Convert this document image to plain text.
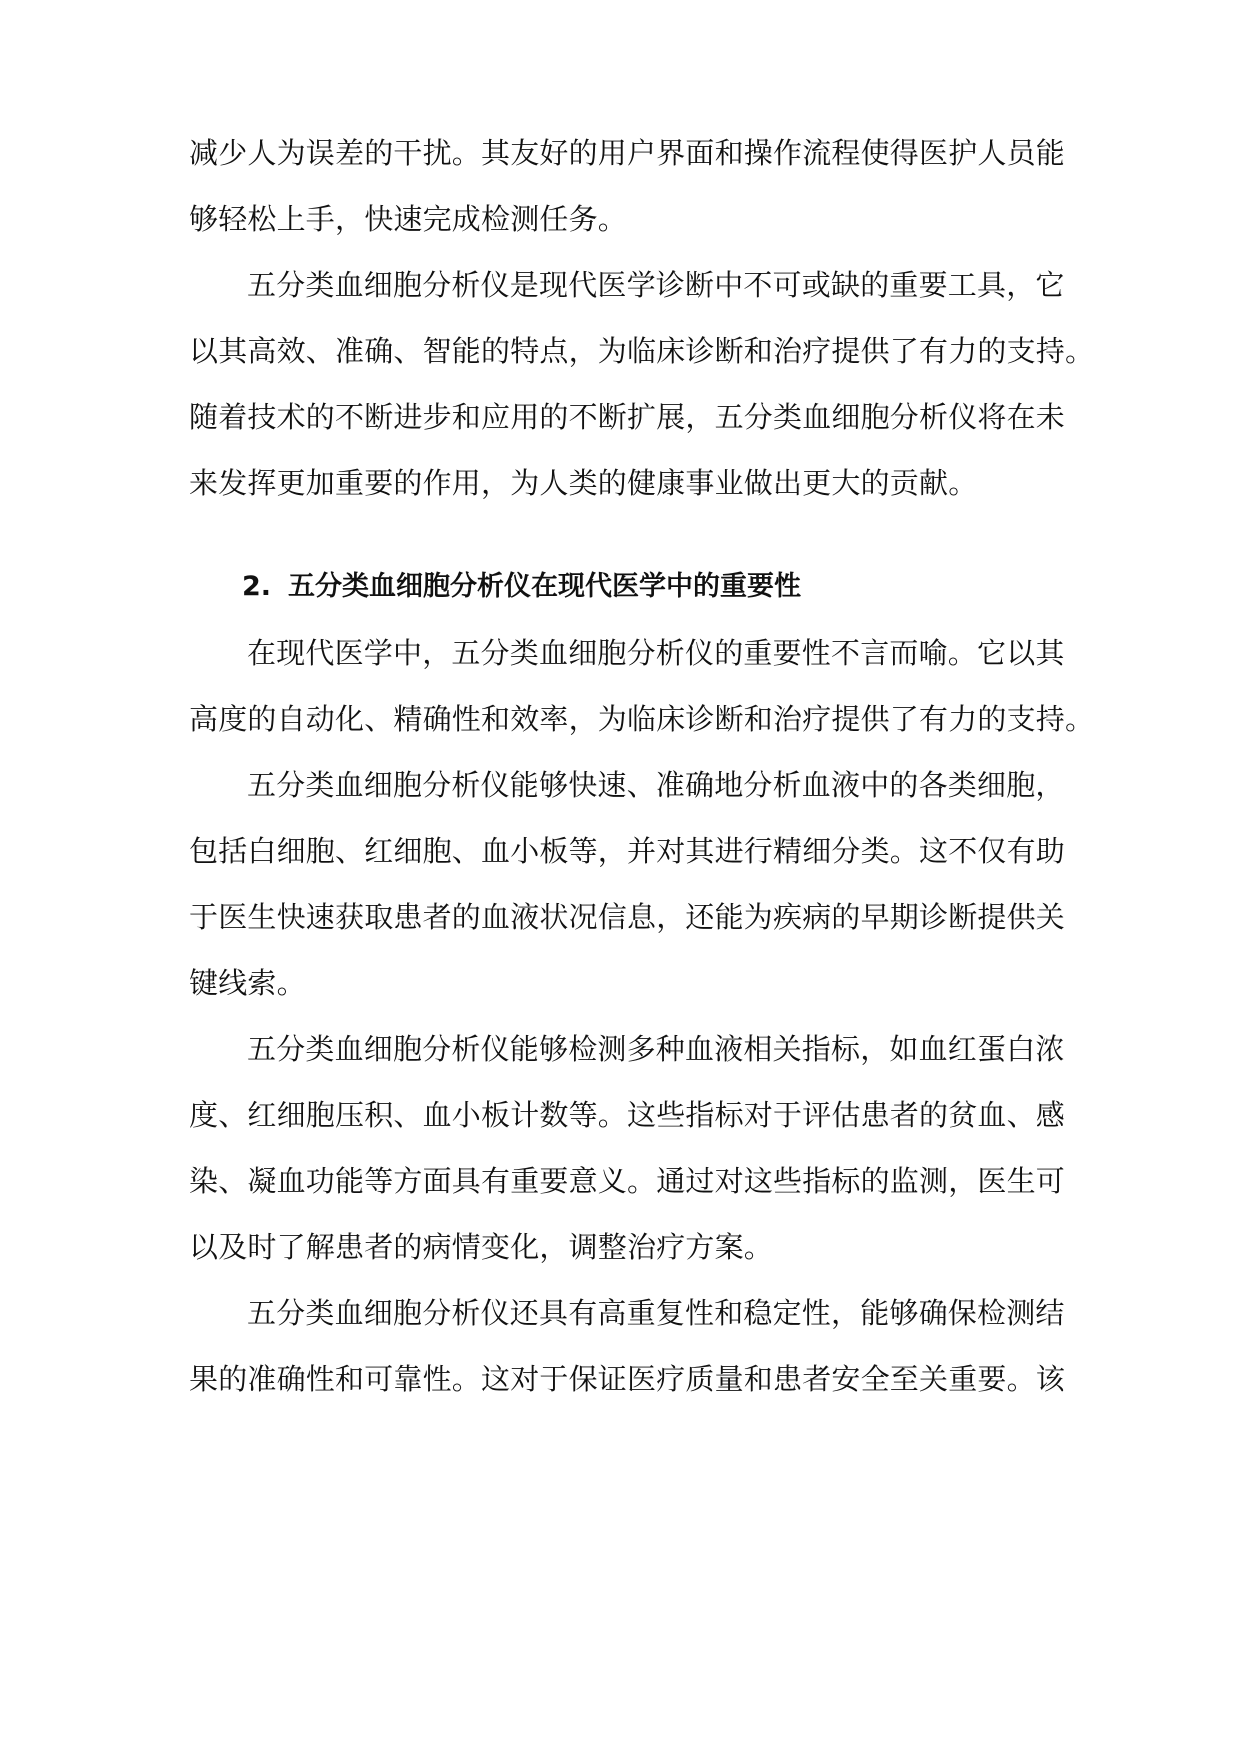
减少人为误差的干扰。其友好的用户界面和操作流程使得医护人员能
够轻松上手，快速完成检测任务。
五分类血细胞分析仪是现代医学诊断中不可或缺的重要工具，它
以其高效、准确、智能的特点，为临床诊断和治疗提供了有力的支持。
随着技术的不断进步和应用的不断扩展，五分类血细胞分析仪将在未
来发挥更加重要的作用，为人类的健康事业做出更大的贡献。
2. 五分类血细胞分析仪在现代医学中的重要性
在现代医学中，五分类血细胞分析仪的重要性不言而喻。它以其
高度的自动化、精确性和效率，为临床诊断和治疗提供了有力的支持。
五分类血细胞分析仪能够快速、准确地分析血液中的各类细胞，
包括白细胞、红细胞、血小板等，并对其进行精细分类。这不仅有助
于医生快速获取患者的血液状况信息，还能为疾病的早期诊断提供关
键线索。
五分类血细胞分析仪能够检测多种血液相关指标，如血红蛋白浓
度、红细胞压积、血小板计数等。这些指标对于评估患者的贫血、感
染、凝血功能等方面具有重要意义。通过对这些指标的监测，医生可
以及时了解患者的病情变化，调整治疗方案。
五分类血细胞分析仪还具有高重复性和稳定性，能够确保检测结
果的准确性和可靠性。这对于保证医疗质量和患者安全至关重要。该
